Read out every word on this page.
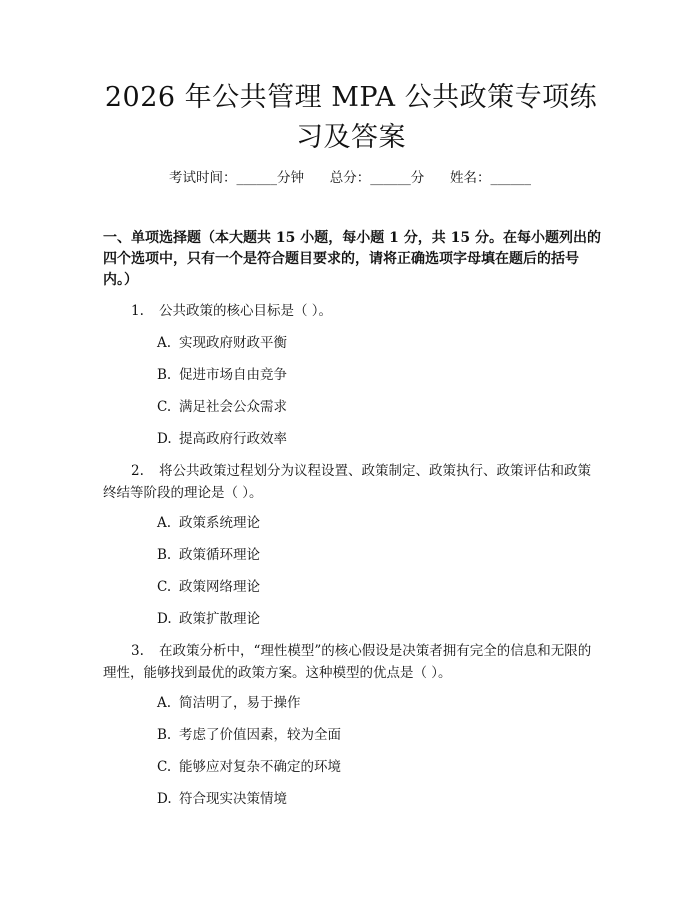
2026 年公共管理 MPA 公共政策专项练习及答案
考试时间：______分钟      总分：______分      姓名：______
一、单项选择题（本大题共 15 小题，每小题 1 分，共 15 分。在每小题列出的四个选项中，只有一个是符合题目要求的，请将正确选项字母填在题后的括号内。）
1. 公共政策的核心目标是（ ）。
A. 实现政府财政平衡
B. 促进市场自由竞争
C. 满足社会公众需求
D. 提高政府行政效率
2. 将公共政策过程划分为议程设置、政策制定、政策执行、政策评估和政策终结等阶段的理论是（ ）。
A. 政策系统理论
B. 政策循环理论
C. 政策网络理论
D. 政策扩散理论
3. 在政策分析中，“理性模型”的核心假设是决策者拥有完全的信息和无限的理性，能够找到最优的政策方案。这种模型的优点是（ ）。
A. 简洁明了，易于操作
B. 考虑了价值因素，较为全面
C. 能够应对复杂不确定的环境
D. 符合现实决策情境
